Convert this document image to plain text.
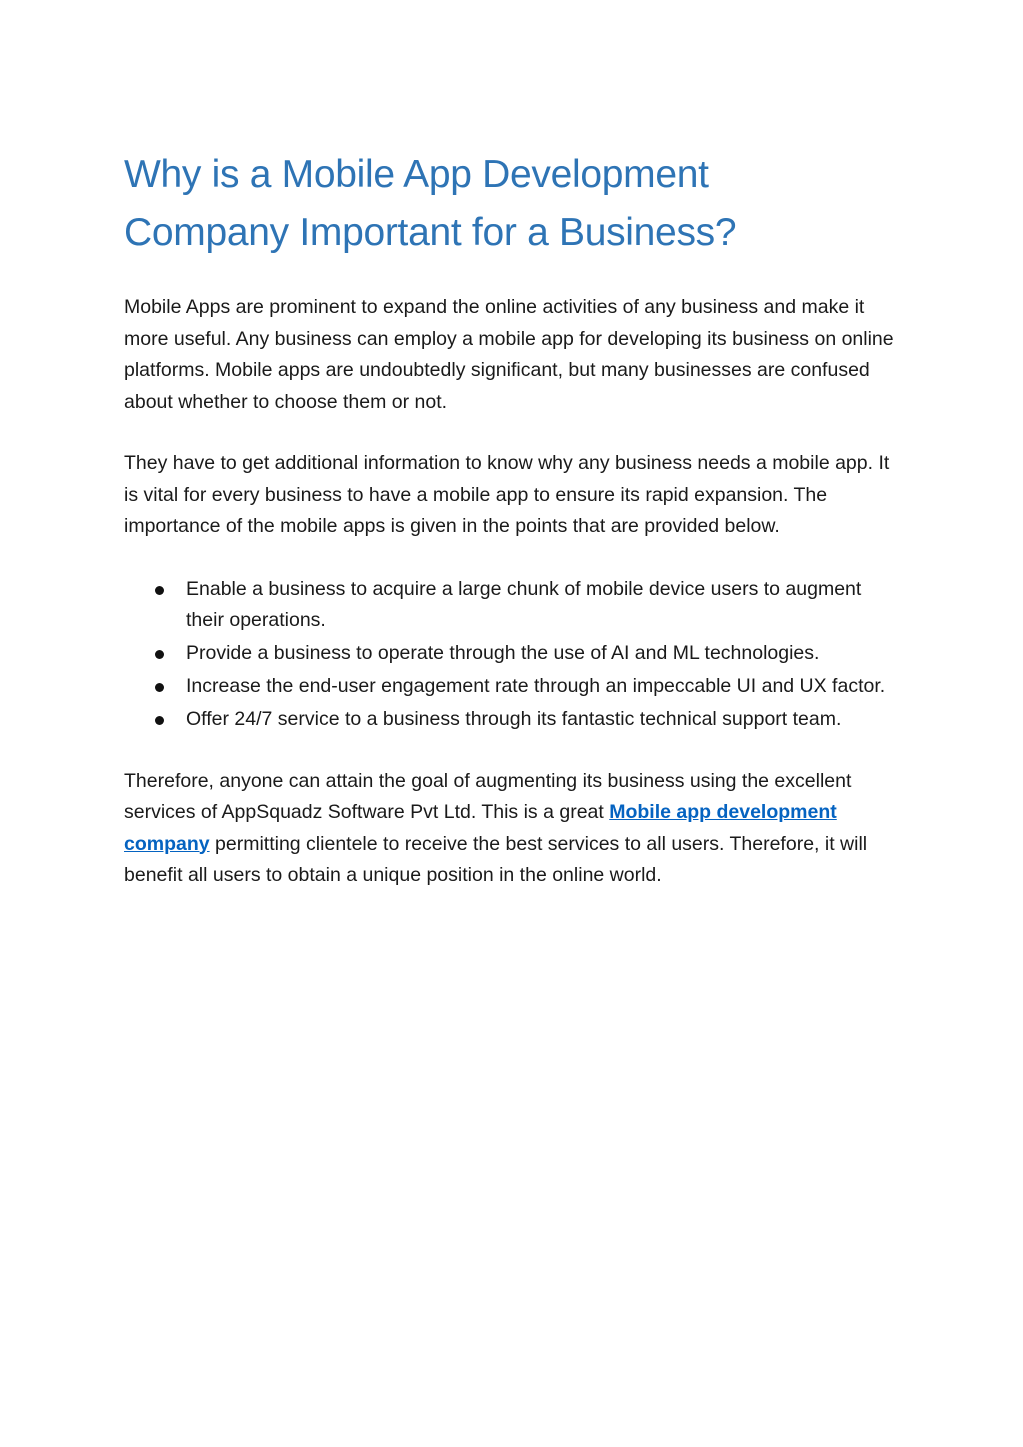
Why is a Mobile App Development
Company Important for a Business?

Mobile Apps are prominent to expand the online activities of any business and make it more useful. Any business can employ a mobile app for developing its business on online platforms. Mobile apps are undoubtedly significant, but many businesses are confused about whether to choose them or not.

They have to get additional information to know why any business needs a mobile app. It is vital for every business to have a mobile app to ensure its rapid expansion. The importance of the mobile apps is given in the points that are provided below.

Enable a business to acquire a large chunk of mobile device users to augment their operations.
Provide a business to operate through the use of AI and ML technologies.
Increase the end-user engagement rate through an impeccable UI and UX factor.
Offer 24/7 service to a business through its fantastic technical support team.

Therefore, anyone can attain the goal of augmenting its business using the excellent services of AppSquadz Software Pvt Ltd. This is a great Mobile app development company permitting clientele to receive the best services to all users. Therefore, it will benefit all users to obtain a unique position in the online world.
